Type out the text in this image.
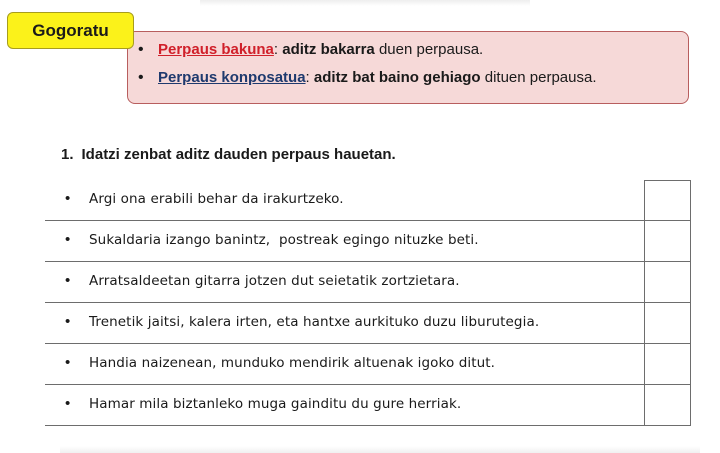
• Perpaus bakuna: aditz bakarra duen perpausa.
• Perpaus konposatua: aditz bat baino gehiago dituen perpausa.
Gogoratu
1. Idatzi zenbat aditz dauden perpaus hauetan.
• Argi ona erabili behar da irakurtzeko.
• Sukaldaria izango banintz,  postreak egingo nituzke beti.
• Arratsaldeetan gitarra jotzen dut seietatik zortzietara.
• Trenetik jaitsi, kalera irten, eta hantxe aurkituko duzu liburutegia.
• Handia naizenean, munduko mendirik altuenak igoko ditut.
• Hamar mila biztanleko muga gainditu du gure herriak.
